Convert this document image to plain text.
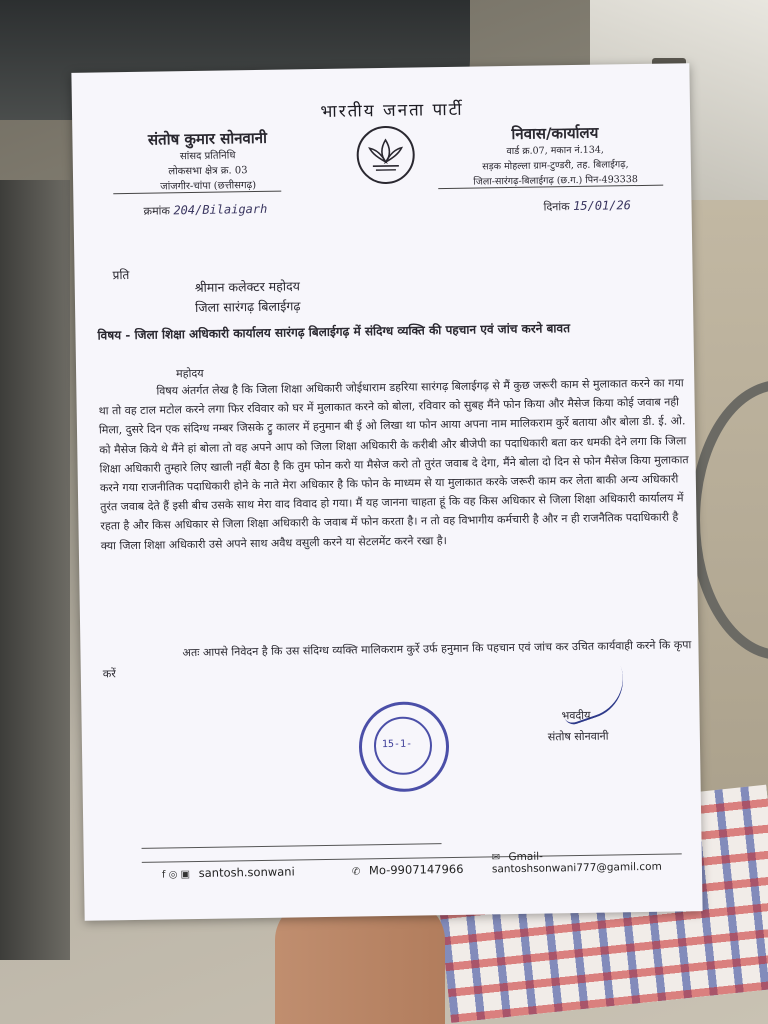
भारतीय जनता पार्टी
संतोष कुमार सोनवानी
सांसद प्रतिनिधि
लोकसभा क्षेत्र क्र. 03
जांजगीर-चांपा (छत्तीसगढ़)
निवास/कार्यालय
वार्ड क्र.07, मकान नं.134,
सड़क मोहल्ला ग्राम-टुण्डरी, तह. बिलाईगढ़,
जिला-सारंगढ़-बिलाईगढ़ (छ.ग.) पिन-493338
क्रमांक 204/Bilaigarh	दिनांक 15/01/26
प्रति
श्रीमान कलेक्टर महोदय
जिला सारंगढ़ बिलाईगढ़
विषय - जिला शिक्षा अधिकारी कार्यालय सारंगढ़ बिलाईगढ़ में संदिग्ध व्यक्ति की पहचान एवं जांच करने बावत
महोदय

विषय अंतर्गत लेख है कि जिला शिक्षा अधिकारी जोईधाराम डहरिया सारंगढ़ बिलाईगढ़ से मैं कुछ जरूरी काम से मुलाकात करने का गया था तो वह टाल मटोल करने लगा फिर रविवार को घर में मुलाकात करने को बोला, रविवार को सुबह मैंने फोन किया और मैसेज किया कोई जवाब नही मिला, दुसरे दिन एक संदिग्ध नम्बर जिसके ट्रु कालर में हनुमान बी ई ओ लिखा था फोन आया अपना नाम मालिकराम कुर्रे बताया और बोला डी. ई. ओ. को मैसेज किये थे मैंने हां बोला तो वह अपने आप को जिला शिक्षा अधिकारी के करीबी और बीजेपी का पदाधिकारी बता कर धमकी देने लगा कि जिला शिक्षा अधिकारी तुम्हारे लिए खाली नहीं बैठा है कि तुम फोन करो या मैसेज करो तो तुरंत जवाब दे देगा, मैंने बोला दो दिन से फोन मैसेज किया मुलाकात करने गया राजनीतिक पदाधिकारी होने के नाते मेरा अधिकार है कि फोन के माध्यम से या मुलाकात करके जरूरी काम कर लेता बाकी अन्य अधिकारी तुरंत जवाब देते हैं इसी बीच उसके साथ मेरा वाद विवाद हो गया। मैं यह जानना चाहता हूं कि वह किस अधिकार से जिला शिक्षा अधिकारी कार्यालय में रहता है और किस अधिकार से जिला शिक्षा अधिकारी के जवाब में फोन करता है। न तो वह विभागीय कर्मचारी है और न ही राजनैतिक पदाधिकारी है क्या जिला शिक्षा अधिकारी उसे अपने साथ अवैध वसुली करने या सेटलमेंट करने रखा है।

अतः आपसे निवेदन है कि उस संदिग्ध व्यक्ति मालिकराम कुर्रे उर्फ हनुमान कि पहचान एवं जांच कर उचित कार्यवाही करने कि कृपा करें
15-1-
भवदीय
संतोष सोनवानी
f ◎ ▣ santosh.sonwani	✆ Mo-9907147966
✉ Gmail-santoshsonwani777@gamil.com
